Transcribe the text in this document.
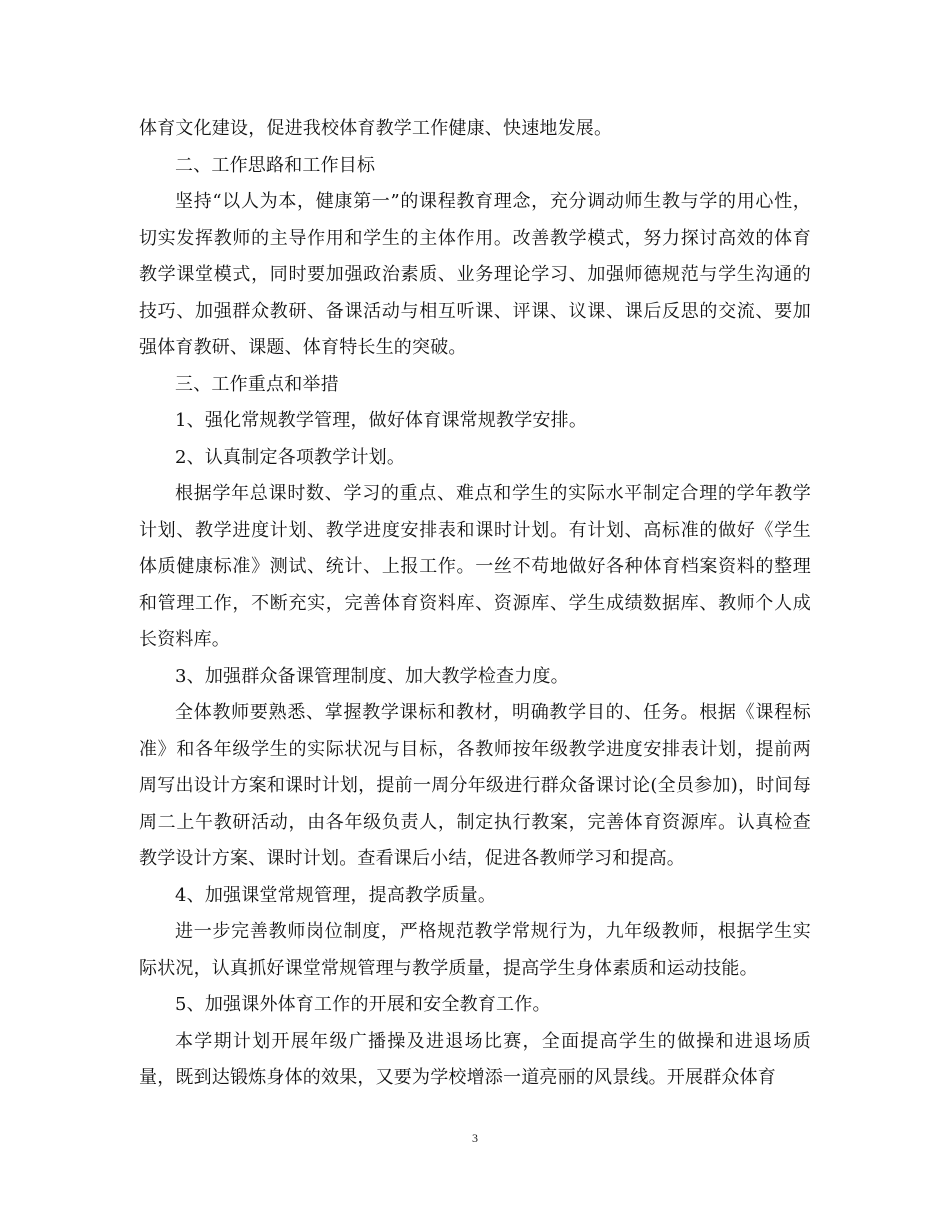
体育文化建设，促进我校体育教学工作健康、快速地发展。

二、工作思路和工作目标

坚持“以人为本，健康第一”的课程教育理念，充分调动师生教与学的用心性，切实发挥教师的主导作用和学生的主体作用。改善教学模式，努力探讨高效的体育教学课堂模式，同时要加强政治素质、业务理论学习、加强师德规范与学生沟通的技巧、加强群众教研、备课活动与相互听课、评课、议课、课后反思的交流、要加强体育教研、课题、体育特长生的突破。

三、工作重点和举措

1、强化常规教学管理，做好体育课常规教学安排。

2、认真制定各项教学计划。

根据学年总课时数、学习的重点、难点和学生的实际水平制定合理的学年教学计划、教学进度计划、教学进度安排表和课时计划。有计划、高标准的做好《学生体质健康标准》测试、统计、上报工作。一丝不苟地做好各种体育档案资料的整理和管理工作，不断充实，完善体育资料库、资源库、学生成绩数据库、教师个人成长资料库。

3、加强群众备课管理制度、加大教学检查力度。

全体教师要熟悉、掌握教学课标和教材，明确教学目的、任务。根据《课程标准》和各年级学生的实际状况与目标，各教师按年级教学进度安排表计划，提前两周写出设计方案和课时计划，提前一周分年级进行群众备课讨论(全员参加)，时间每周二上午教研活动，由各年级负责人，制定执行教案，完善体育资源库。认真检查教学设计方案、课时计划。查看课后小结，促进各教师学习和提高。

4、加强课堂常规管理，提高教学质量。

进一步完善教师岗位制度，严格规范教学常规行为，九年级教师，根据学生实际状况，认真抓好课堂常规管理与教学质量，提高学生身体素质和运动技能。

5、加强课外体育工作的开展和安全教育工作。

本学期计划开展年级广播操及进退场比赛，全面提高学生的做操和进退场质量，既到达锻炼身体的效果，又要为学校增添一道亮丽的风景线。开展群众体育

3
